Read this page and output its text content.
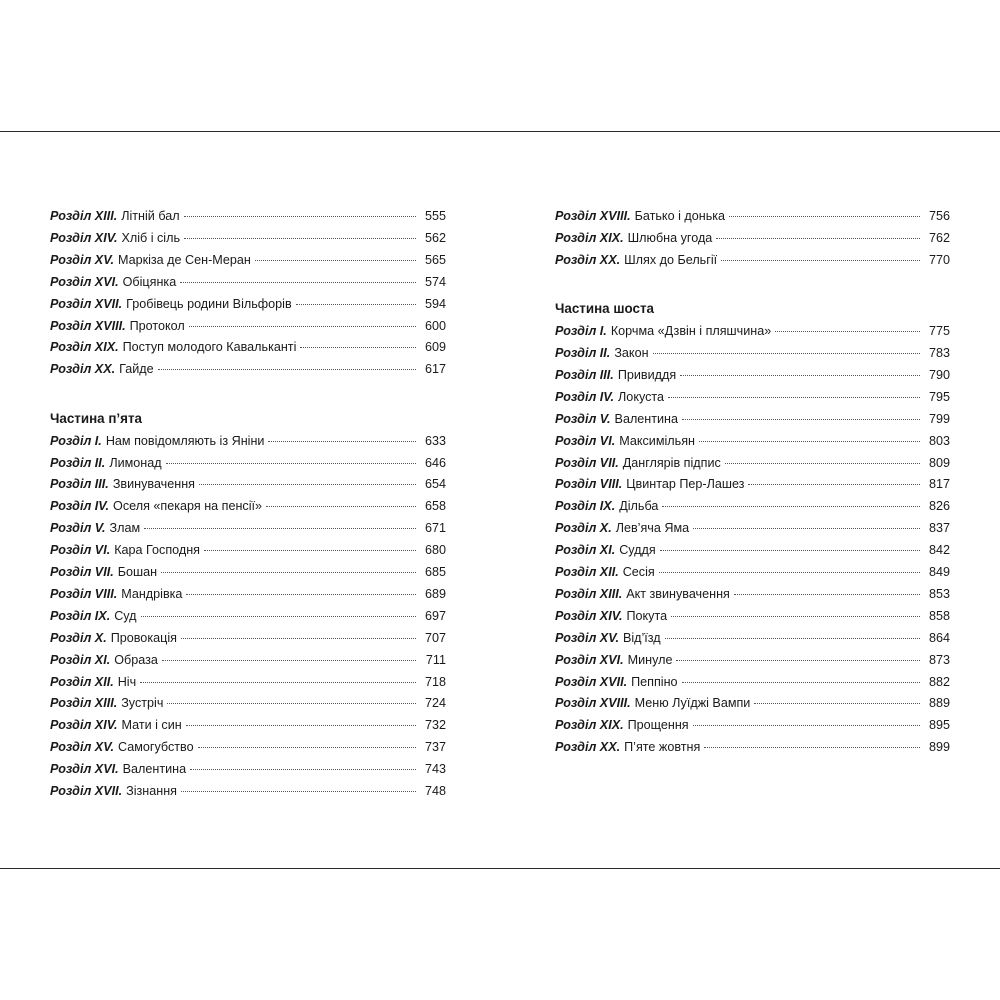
Розділ XIII. Літній бал	555
Розділ XIV. Хліб і сіль	562
Розділ XV. Маркіза де Сен-Меран	565
Розділ XVI. Обіцянка	574
Розділ XVII. Гробівець родини Вільфорів	594
Розділ XVIII. Протокол	600
Розділ XIX. Поступ молодого Кавальканті	609
Розділ XX. Гайде	617
Частина п’ята
Розділ І. Нам повідомляють із Яніни	633
Розділ ІІ. Лимонад	646
Розділ ІІІ. Звинувачення	654
Розділ IV. Оселя «пекаря на пенсії»	658
Розділ V. Злам	671
Розділ VI. Кара Господня	680
Розділ VII. Бошан	685
Розділ VIII. Мандрівка	689
Розділ IX. Суд	697
Розділ X. Провокація	707
Розділ XI. Образа	711
Розділ XII. Ніч	718
Розділ XIII. Зустріч	724
Розділ XIV. Мати і син	732
Розділ XV. Самогубство	737
Розділ XVI. Валентина	743
Розділ XVII. Зізнання	748
Розділ XVIII. Батько і донька	756
Розділ XIX. Шлюбна угода	762
Розділ XX. Шлях до Бельгії	770
Частина шоста
Розділ І. Корчма «Дзвін і пляшчина»	775
Розділ ІІ. Закон	783
Розділ ІІІ. Привиддя	790
Розділ IV. Локуста	795
Розділ V. Валентина	799
Розділ VI. Максимільян	803
Розділ VII. Данглярів підпис	809
Розділ VIII. Цвинтар Пер-Лашез	817
Розділ IX. Дільба	826
Розділ X. Лев’яча Яма	837
Розділ XI. Суддя	842
Розділ XII. Сесія	849
Розділ XIII. Акт звинувачення	853
Розділ XIV. Покута	858
Розділ XV. Від’їзд	864
Розділ XVI. Минуле	873
Розділ XVII. Пеппіно	882
Розділ XVIII. Меню Луїджі Вампи	889
Розділ XIX. Прощення	895
Розділ XX. П’яте жовтня	899
